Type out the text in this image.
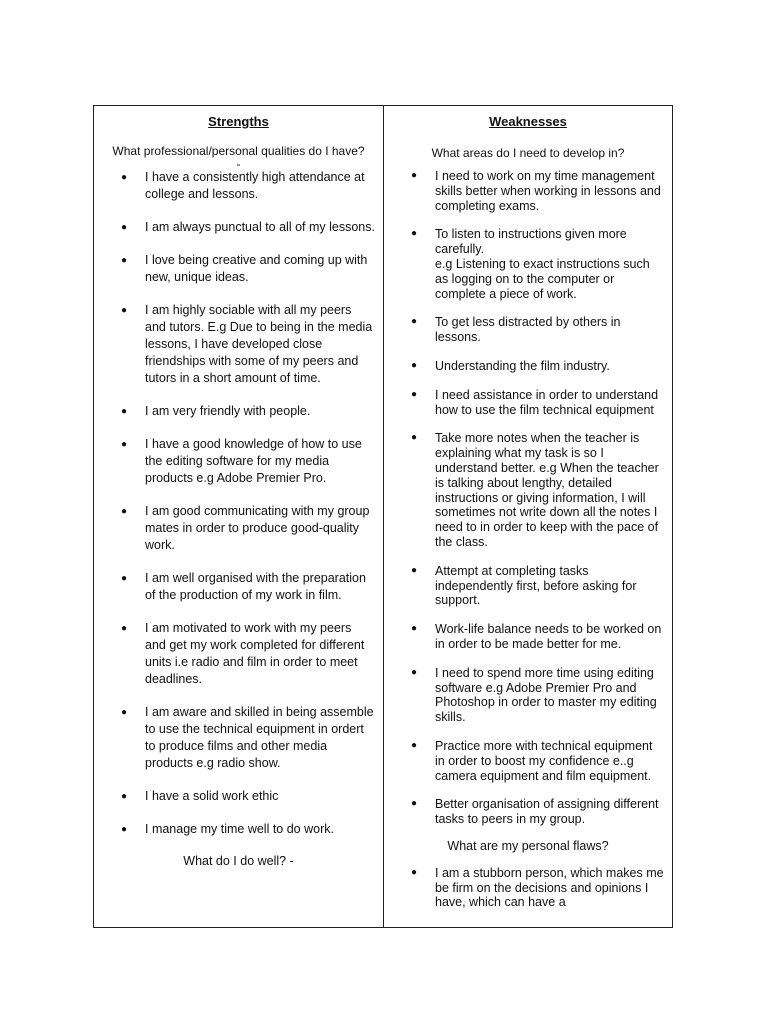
Strengths
What professional/personal qualities do I have?
-
● I have a consistently high attendance at college and lessons.
● I am always punctual to all of my lessons.
● I love being creative and coming up with new, unique ideas.
● I am highly sociable with all my peers and tutors. E.g Due to being in the media lessons, I have developed close friendships with some of my peers and tutors in a short amount of time.
● I am very friendly with people.
● I have a good knowledge of how to use the editing software for my media products e.g Adobe Premier Pro.
● I am good communicating with my group mates in order to produce good-quality work.
● I am well organised with the preparation of the production of my work in film.
● I am motivated to work with my peers and get my work completed for different units i.e radio and film in order to meet deadlines.
● I am aware and skilled in being assemble to use the technical equipment in ordert to produce films and other media products e.g radio show.
● I have a solid work ethic
● I manage my time well to do work.
What do I do well? -
Weaknesses
What areas do I need to develop in?
● I need to work on my time management skills better when working in lessons and completing exams.
● To listen to instructions given more carefully.
e.g Listening to exact instructions such as logging on to the computer or complete a piece of work.
● To get less distracted by others in lessons.
● Understanding the film industry.
● I need assistance in order to understand how to use the film technical equipment
● Take more notes when the teacher is explaining what my task is so I understand better. e.g When the teacher is talking about lengthy, detailed instructions or giving information, I will sometimes not write down all the notes I need to in order to keep with the pace of the class.
● Attempt at completing tasks independently first, before asking for support.
● Work-life balance needs to be worked on in order to be made better for me.
● I need to spend more time using editing software e.g Adobe Premier Pro and Photoshop in order to master my editing skills.
● Practice more with technical equipment in order to boost my confidence e..g camera equipment and film equipment.
● Better organisation of assigning different tasks to peers in my group.
What are my personal flaws?
● I am a stubborn person, which makes me be firm on the decisions and opinions I have, which can have a
